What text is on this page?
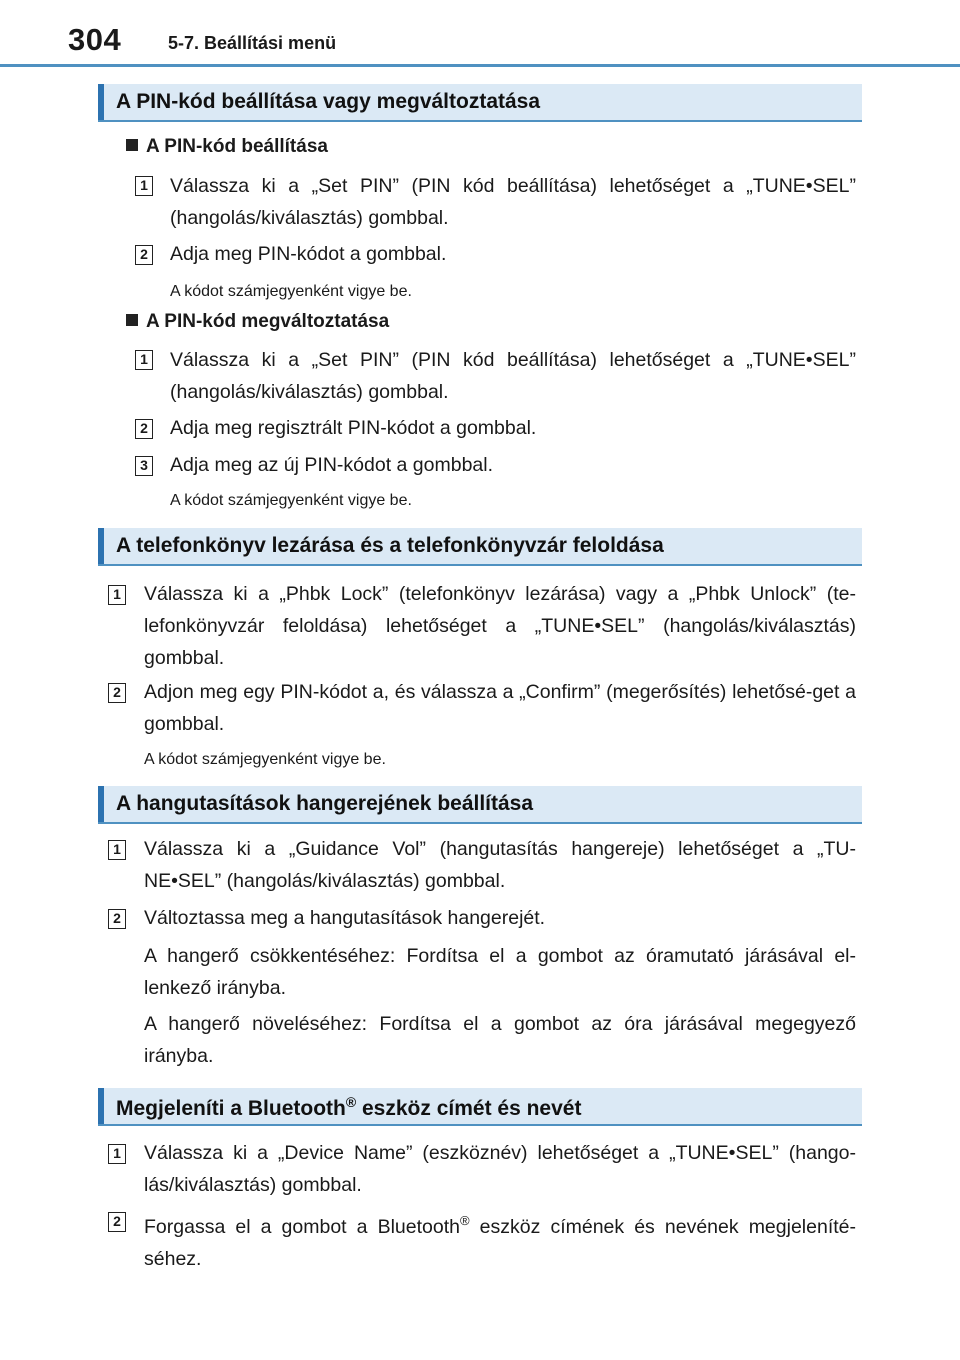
304	5-7. Beállítási menü
A PIN-kód beállítása vagy megváltoztatása
A PIN-kód beállítása
1 Válassza ki a „Set PIN” (PIN kód beállítása) lehetőséget a „TUNE•SEL” (hangolás/kiválasztás) gombbal.

2 Adja meg PIN-kódot a gombbal.

A kódot számjegyenként vigye be.
A PIN-kód megváltoztatása
1 Válassza ki a „Set PIN” (PIN kód beállítása) lehetőséget a „TUNE•SEL” (hangolás/kiválasztás) gombbal.

2 Adja meg regisztrált PIN-kódot a gombbal.

3 Adja meg az új PIN-kódot a gombbal.

A kódot számjegyenként vigye be.
A telefonkönyv lezárása és a telefonkönyvzár feloldása
1 Válassza ki a „Phbk Lock” (telefonkönyv lezárása) vagy a „Phbk Unlock” (te-lefonkönyvzár feloldása) lehetőséget a „TUNE•SEL” (hangolás/kiválasztás) gombbal.

2 Adjon meg egy PIN-kódot a, és válassza a „Confirm” (megerősítés) lehetősé-get a gombbal.

A kódot számjegyenként vigye be.
A hangutasítások hangerejének beállítása
1 Válassza ki a „Guidance Vol” (hangutasítás hangereje) lehetőséget a „TU-NE•SEL” (hangolás/kiválasztás) gombbal.

2 Változtassa meg a hangutasítások hangerejét.

A hangerő csökkentéséhez: Fordítsa el a gombot az óramutató járásával el-lenkező irányba.

A hangerő növeléséhez: Fordítsa el a gombot az óra járásával megegyező irányba.

Megjeleníti a Bluetooth® eszköz címét és nevét
1 Válassza ki a „Device Name” (eszköznév) lehetőséget a „TUNE•SEL” (hango-lás/kiválasztás) gombbal.

2 Forgassa el a gombot a Bluetooth® eszköz címének és nevének megjeleníté-séhez.
